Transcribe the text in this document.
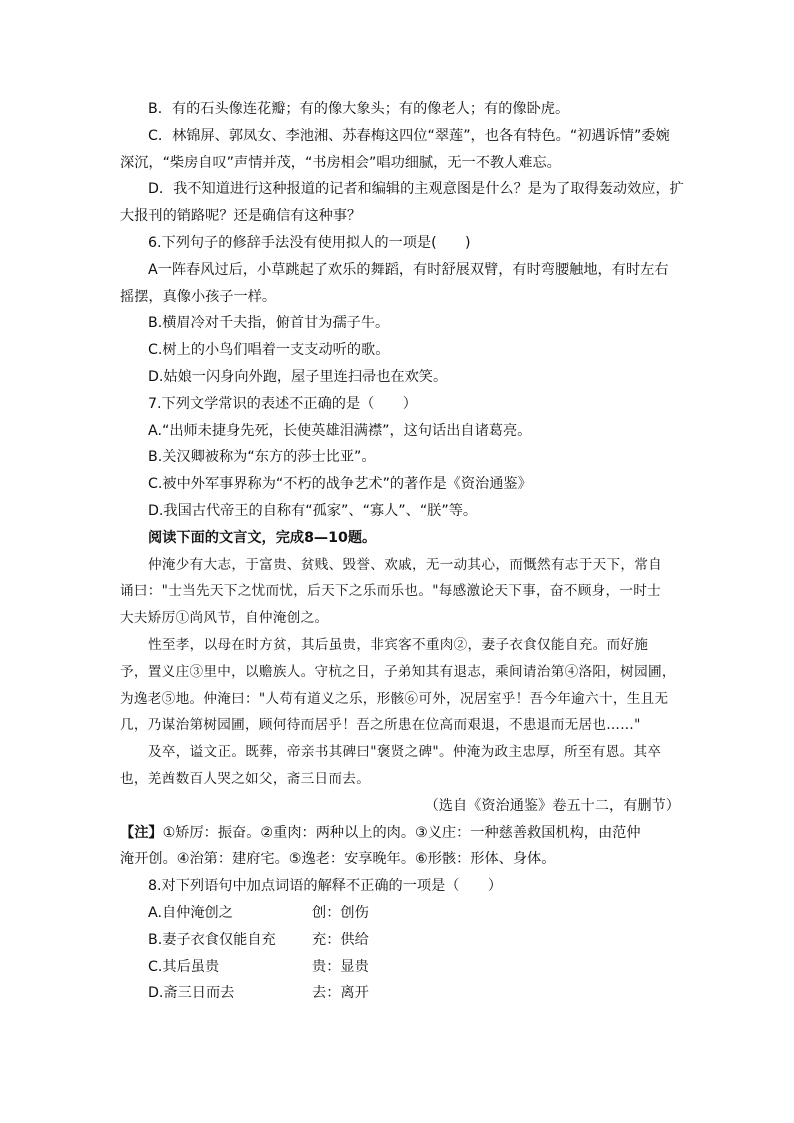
B．有的石头像连花瓣；有的像大象头；有的像老人；有的像卧虎。
C．林锦屏、郭凤女、李池湘、苏春梅这四位“翠莲”，也各有特色。“初遇诉情”委婉
深沉，“柴房自叹”声情并茂，“书房相会”唱功细腻，无一不教人难忘。
D．我不知道进行这种报道的记者和编辑的主观意图是什么？是为了取得轰动效应，扩
大报刊的销路呢？还是确信有这种事？
6.下列句子的修辞手法没有使用拟人的一项是(　　)
A一阵春风过后，小草跳起了欢乐的舞蹈，有时舒展双臂，有时弯腰触地，有时左右
摇摆，真像小孩子一样。
B.横眉冷对千夫指，俯首甘为孺子牛。
C.树上的小鸟们唱着一支支动听的歌。
D.姑娘一闪身向外跑，屋子里连扫帚也在欢笑。
7.下列文学常识的表述不正确的是（　　）
A.“出师未捷身先死，长使英雄泪满襟”，这句话出自诸葛亮。
B.关汉卿被称为“东方的莎士比亚”。
C.被中外军事界称为“不朽的战争艺术”的著作是《资治通鉴》
D.我国古代帝王的自称有“孤家”、“寡人”、“朕”等。
阅读下面的文言文，完成8—10题。
仲淹少有大志，于富贵、贫贱、毁誉、欢戚，无一动其心，而慨然有志于天下，常自
诵曰："士当先天下之忧而忧，后天下之乐而乐也。"每感激论天下事，奋不顾身，一时士
大夫矫厉①尚风节，自仲淹创之。
性至孝，以母在时方贫，其后虽贵，非宾客不重肉②，妻子衣食仅能自充。而好施
予，置义庄③里中，以赡族人。守杭之日，子弟知其有退志，乘间请治第④洛阳，树园圃，
为逸老⑤地。仲淹曰："人苟有道义之乐，形骸⑥可外，况居室乎！吾今年逾六十，生且无
几，乃谋治第树园圃，顾何待而居乎！吾之所患在位高而艰退，不患退而无居也……"
及卒，谥文正。既葬，帝亲书其碑曰"褒贤之碑"。仲淹为政主忠厚，所至有恩。其卒
也，羌酋数百人哭之如父，斋三日而去。
（选自《资治通鉴》卷五十二，有删节）
【注】①矫厉：振奋。②重肉：两种以上的肉。③义庄：一种慈善救国机构，由范仲
淹开创。④治第：建府宅。⑤逸老：安享晚年。⑥形骸：形体、身体。
8.对下列语句中加点词语的解释不正确的一项是（　　）
A.自仲淹创之	创：创伤
B.妻子衣食仅能自充	充：供给
C.其后虽贵	贵：显贵
D.斋三日而去	去：离开
